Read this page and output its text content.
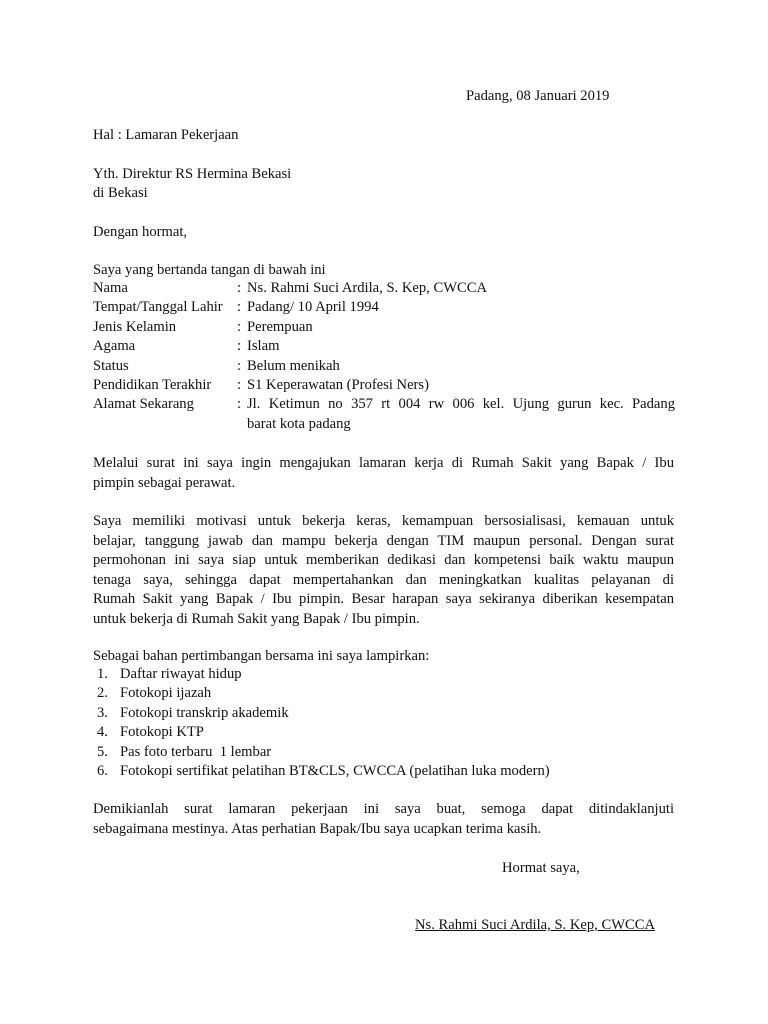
Padang, 08 Januari 2019
Hal : Lamaran Pekerjaan
Yth. Direktur RS Hermina Bekasi
di Bekasi
Dengan hormat,
Saya yang bertanda tangan di bawah ini
Nama	:	Ns. Rahmi Suci Ardila, S. Kep, CWCCA
Tempat/Tanggal Lahir	:	Padang/ 10 April 1994
Jenis Kelamin	:	Perempuan
Agama	:	Islam
Status	:	Belum menikah
Pendidikan Terakhir	:	S1 Keperawatan (Profesi Ners)
Alamat Sekarang	:	Jl. Ketimun no 357 rt 004 rw 006 kel. Ujung gurun kec. Padang
barat kota padang
Melalui surat ini saya ingin mengajukan lamaran kerja di Rumah Sakit yang Bapak / Ibu
pimpin sebagai perawat.
Saya memiliki motivasi untuk bekerja keras, kemampuan bersosialisasi, kemauan untuk
belajar, tanggung jawab dan mampu bekerja dengan TIM maupun personal. Dengan surat
permohonan ini saya siap untuk memberikan dedikasi dan kompetensi baik waktu maupun
tenaga saya, sehingga dapat mempertahankan dan meningkatkan kualitas pelayanan di
Rumah Sakit yang Bapak / Ibu pimpin. Besar harapan saya sekiranya diberikan kesempatan
untuk bekerja di Rumah Sakit yang Bapak / Ibu pimpin.
Sebagai bahan pertimbangan bersama ini saya lampirkan:
1. Daftar riwayat hidup
2. Fotokopi ijazah
3. Fotokopi transkrip akademik
4. Fotokopi KTP
5. Pas foto terbaru  1 lembar
6. Fotokopi sertifikat pelatihan BT&CLS, CWCCA (pelatihan luka modern)
Demikianlah surat lamaran pekerjaan ini saya buat, semoga dapat ditindaklanjuti
sebagaimana mestinya. Atas perhatian Bapak/Ibu saya ucapkan terima kasih.
Hormat saya,
Ns. Rahmi Suci Ardila, S. Kep, CWCCA
